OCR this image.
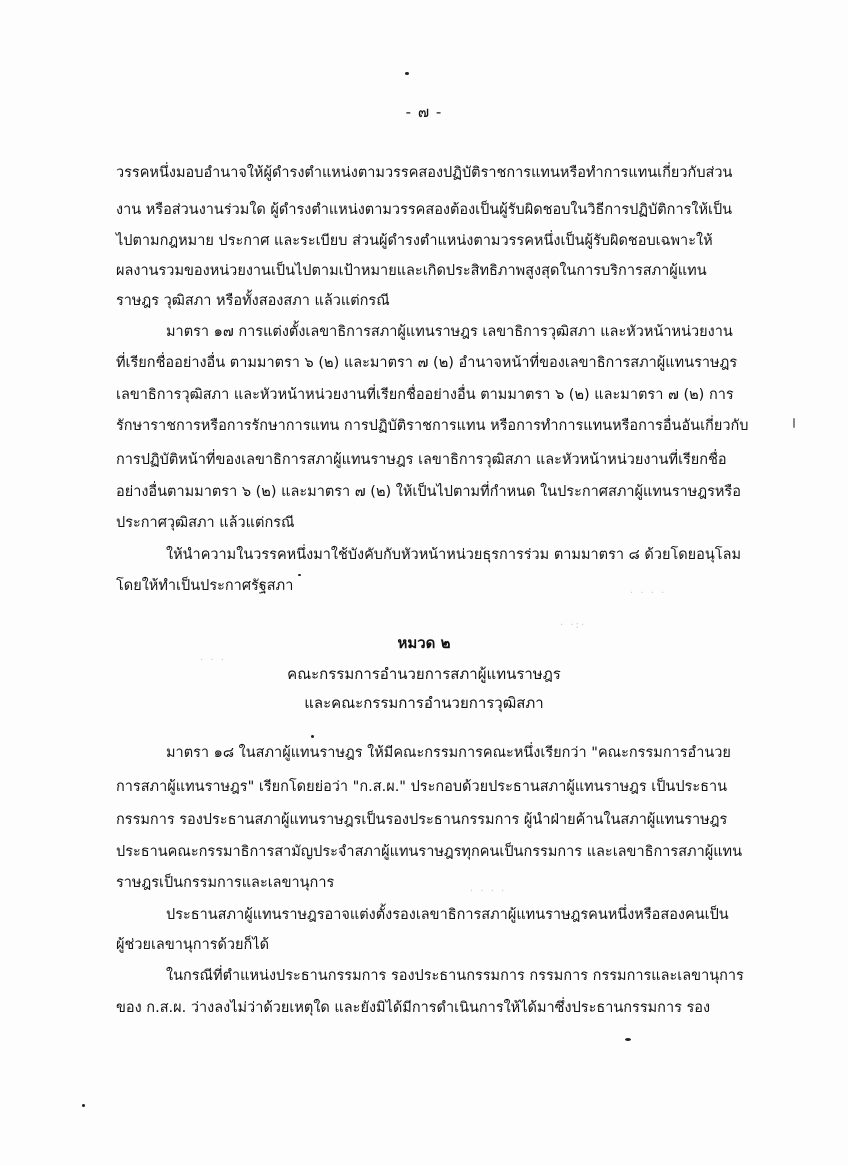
- ๗ -
วรรคหนึ่งมอบอำนาจให้ผู้ดำรงตำแหน่งตามวรรคสองปฏิบัติราชการแทนหรือทำการแทนเกี่ยวกับส่วน
งาน หรือส่วนงานร่วมใด ผู้ดำรงตำแหน่งตามวรรคสองต้องเป็นผู้รับผิดชอบในวิธีการปฏิบัติการให้เป็น
ไปตามกฎหมาย ประกาศ และระเบียบ ส่วนผู้ดำรงตำแหน่งตามวรรคหนึ่งเป็นผู้รับผิดชอบเฉพาะให้
ผลงานรวมของหน่วยงานเป็นไปตามเป้าหมายและเกิดประสิทธิภาพสูงสุดในการบริการสภาผู้แทน
ราษฎร วุฒิสภา หรือทั้งสองสภา แล้วแต่กรณี
มาตรา ๑๗ การแต่งตั้งเลขาธิการสภาผู้แทนราษฎร เลขาธิการวุฒิสภา และหัวหน้าหน่วยงาน
ที่เรียกชื่ออย่างอื่น ตามมาตรา ๖ (๒) และมาตรา ๗ (๒) อำนาจหน้าที่ของเลขาธิการสภาผู้แทนราษฎร
เลขาธิการวุฒิสภา และหัวหน้าหน่วยงานที่เรียกชื่ออย่างอื่น ตามมาตรา ๖ (๒) และมาตรา ๗ (๒) การ
รักษาราชการหรือการรักษาการแทน การปฏิบัติราชการแทน หรือการทำการแทนหรือการอื่นอันเกี่ยวกับ
การปฏิบัติหน้าที่ของเลขาธิการสภาผู้แทนราษฎร เลขาธิการวุฒิสภา และหัวหน้าหน่วยงานที่เรียกชื่อ
อย่างอื่นตามมาตรา ๖ (๒) และมาตรา ๗ (๒) ให้เป็นไปตามที่กำหนด ในประกาศสภาผู้แทนราษฎรหรือ
ประกาศวุฒิสภา แล้วแต่กรณี
ให้นำความในวรรคหนึ่งมาใช้บังคับกับหัวหน้าหน่วยธุรการร่วม ตามมาตรา ๘ ด้วยโดยอนุโลม
โดยให้ทำเป็นประกาศรัฐสภา
หมวด ๒
คณะกรรมการอำนวยการสภาผู้แทนราษฎร
และคณะกรรมการอำนวยการวุฒิสภา
มาตรา ๑๘ ในสภาผู้แทนราษฎร ให้มีคณะกรรมการคณะหนึ่งเรียกว่า "คณะกรรมการอำนวย
การสภาผู้แทนราษฎร" เรียกโดยย่อว่า "ก.ส.ผ." ประกอบด้วยประธานสภาผู้แทนราษฎร เป็นประธาน
กรรมการ รองประธานสภาผู้แทนราษฎรเป็นรองประธานกรรมการ ผู้นำฝ่ายค้านในสภาผู้แทนราษฎร
ประธานคณะกรรมาธิการสามัญประจำสภาผู้แทนราษฎรทุกคนเป็นกรรมการ และเลขาธิการสภาผู้แทน
ราษฎรเป็นกรรมการและเลขานุการ
ประธานสภาผู้แทนราษฎรอาจแต่งตั้งรองเลขาธิการสภาผู้แทนราษฎรคนหนึ่งหรือสองคนเป็น
ผู้ช่วยเลขานุการด้วยก็ได้
ในกรณีที่ตำแหน่งประธานกรรมการ รองประธานกรรมการ กรรมการ กรรมการและเลขานุการ
ของ ก.ส.ผ. ว่างลงไม่ว่าด้วยเหตุใด และยังมิได้มีการดำเนินการให้ได้มาซึ่งประธานกรรมการ รอง
· ·:·
· · · ·
· · ·
· · · ·
